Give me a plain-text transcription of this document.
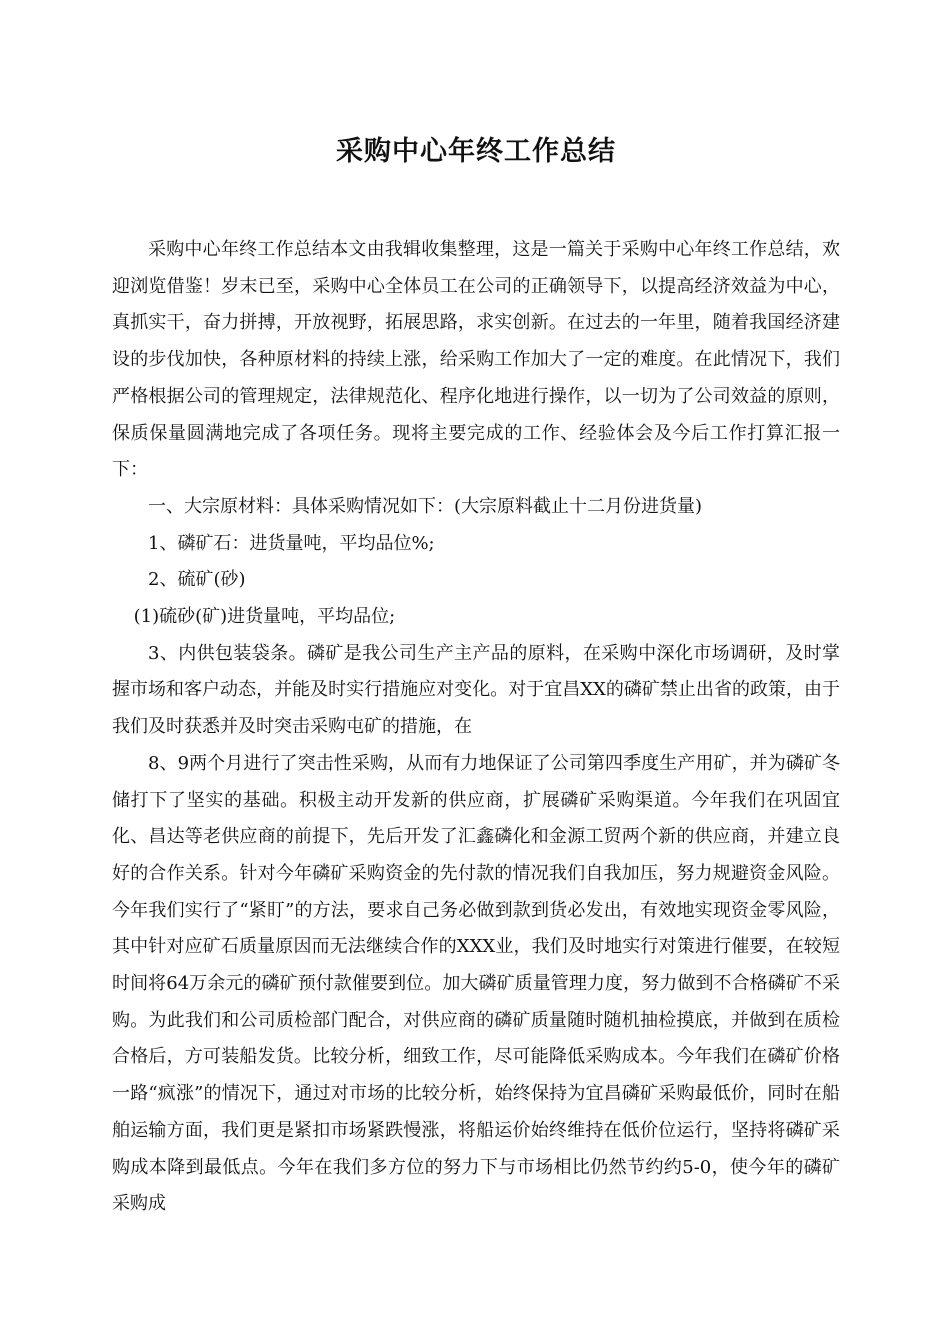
采购中心年终工作总结

采购中心年终工作总结本文由我辑收集整理，这是一篇关于采购中心年终工作总结，欢迎浏览借鉴！岁末已至，采购中心全体员工在公司的正确领导下，以提高经济效益为中心，真抓实干，奋力拼搏，开放视野，拓展思路，求实创新。在过去的一年里，随着我国经济建设的步伐加快，各种原材料的持续上涨，给采购工作加大了一定的难度。在此情况下，我们严格根据公司的管理规定，法律规范化、程序化地进行操作，以一切为了公司效益的原则，保质保量圆满地完成了各项任务。现将主要完成的工作、经验体会及今后工作打算汇报一下：

一、大宗原材料：具体采购情况如下：(大宗原料截止十二月份进货量)

1、磷矿石：进货量吨，平均品位%;

2、硫矿(砂)

(1)硫砂(矿)进货量吨，平均品位;

3、内供包装袋条。磷矿是我公司生产主产品的原料，在采购中深化市场调研，及时掌握市场和客户动态，并能及时实行措施应对变化。对于宜昌XX的磷矿禁止出省的政策，由于我们及时获悉并及时突击采购屯矿的措施，在

8、9两个月进行了突击性采购，从而有力地保证了公司第四季度生产用矿，并为磷矿冬储打下了坚实的基础。积极主动开发新的供应商，扩展磷矿采购渠道。今年我们在巩固宜化、昌达等老供应商的前提下，先后开发了汇鑫磷化和金源工贸两个新的供应商，并建立良好的合作关系。针对今年磷矿采购资金的先付款的情况我们自我加压，努力规避资金风险。今年我们实行了“紧盯”的方法，要求自己务必做到款到货必发出，有效地实现资金零风险，其中针对应矿石质量原因而无法继续合作的XXX业，我们及时地实行对策进行催要，在较短时间将64万余元的磷矿预付款催要到位。加大磷矿质量管理力度，努力做到不合格磷矿不采购。为此我们和公司质检部门配合，对供应商的磷矿质量随时随机抽检摸底，并做到在质检合格后，方可装船发货。比较分析，细致工作，尽可能降低采购成本。今年我们在磷矿价格一路“疯涨”的情况下，通过对市场的比较分析，始终保持为宜昌磷矿采购最低价，同时在船舶运输方面，我们更是紧扣市场紧跌慢涨，将船运价始终维持在低价位运行，坚持将磷矿采购成本降到最低点。今年在我们多方位的努力下与市场相比仍然节约约5-0，使今年的磷矿采购成
